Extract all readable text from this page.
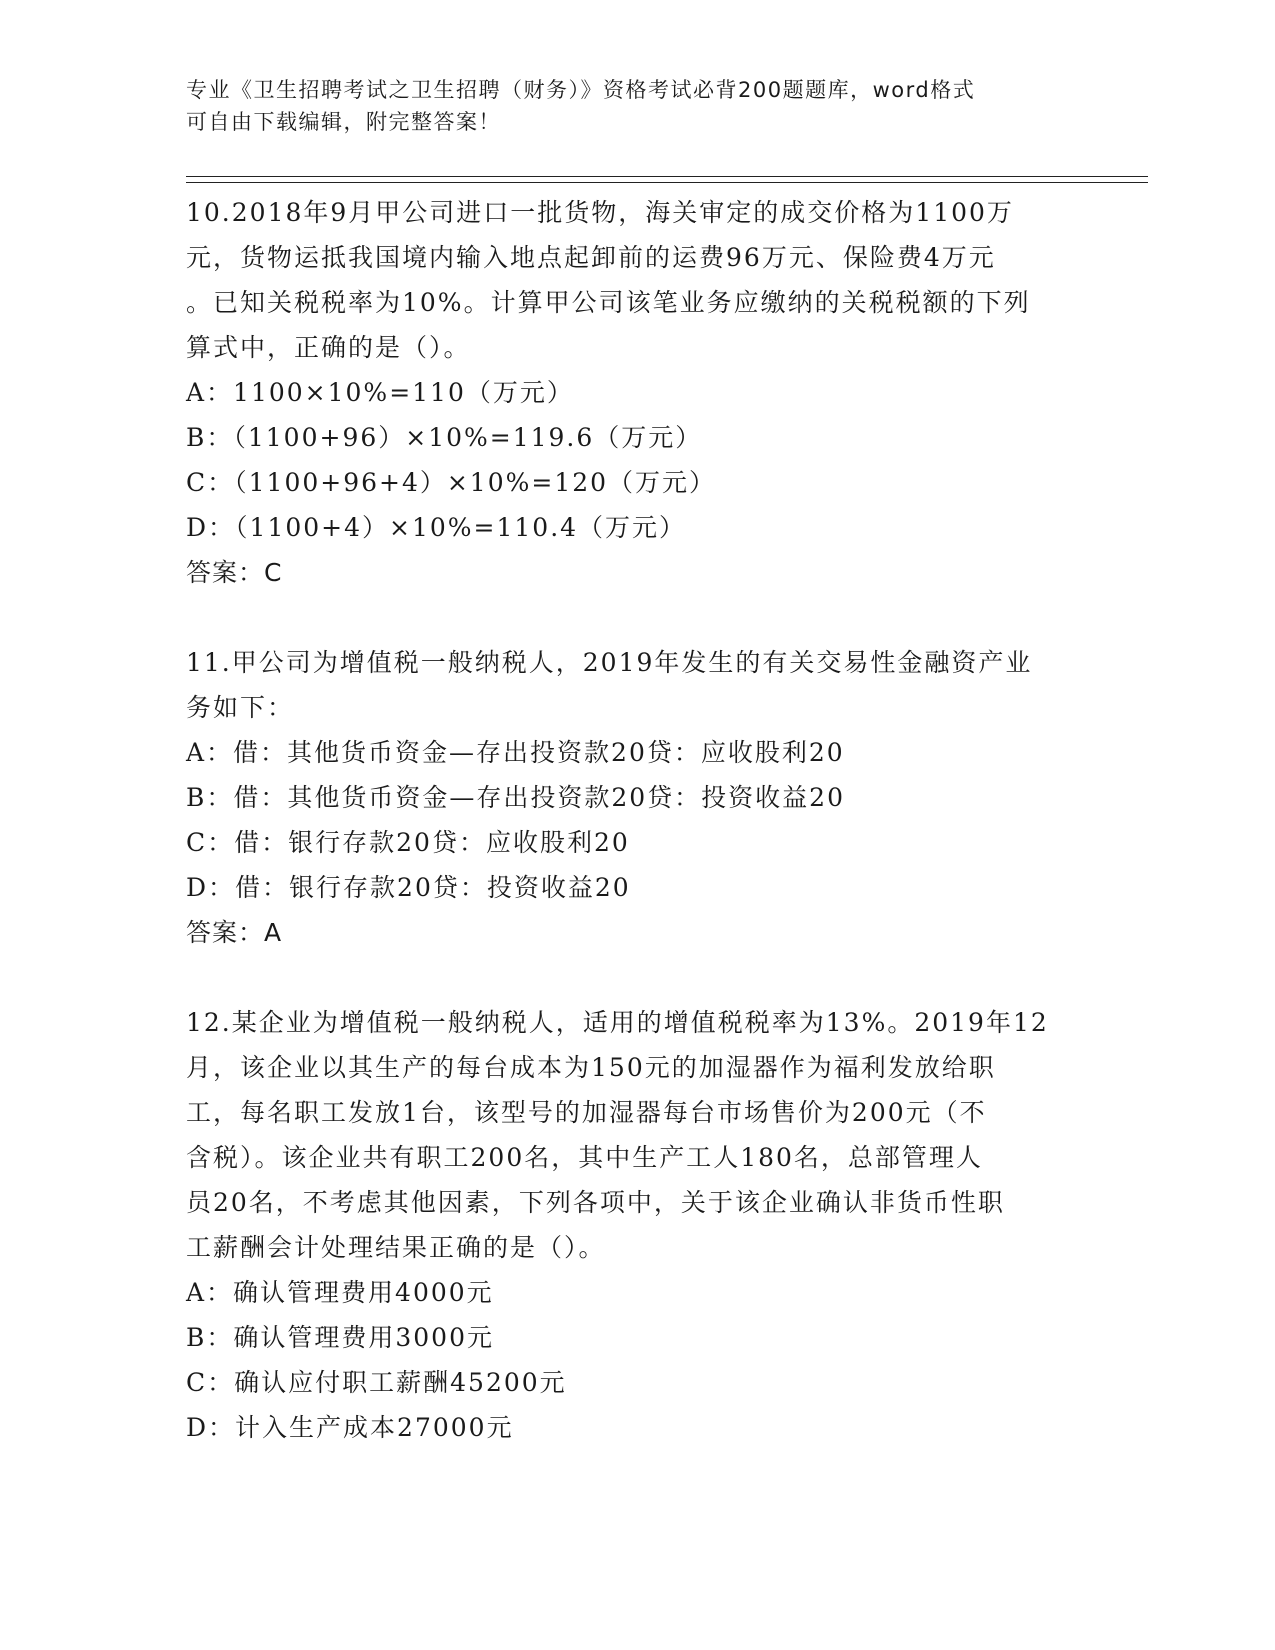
专业《卫生招聘考试之卫生招聘（财务）》资格考试必背200题题库，word格式
可自由下载编辑，附完整答案！
10.2018年9月甲公司进口一批货物，海关审定的成交价格为1100万
元，货物运抵我国境内输入地点起卸前的运费96万元、保险费4万元
。已知关税税率为10%。计算甲公司该笔业务应缴纳的关税税额的下列
算式中，正确的是（）。
A：1100×10%=110（万元）
B：（1100+96）×10%=119.6（万元）
C：（1100+96+4）×10%=120（万元）
D：（1100+4）×10%=110.4（万元）
答案：C
11.甲公司为增值税一般纳税人，2019年发生的有关交易性金融资产业
务如下：
A：借：其他货币资金—存出投资款20贷：应收股利20
B：借：其他货币资金—存出投资款20贷：投资收益20
C：借：银行存款20贷：应收股利20
D：借：银行存款20贷：投资收益20
答案：A
12.某企业为增值税一般纳税人，适用的增值税税率为13%。2019年12
月，该企业以其生产的每台成本为150元的加湿器作为福利发放给职
工，每名职工发放1台，该型号的加湿器每台市场售价为200元（不
含税）。该企业共有职工200名，其中生产工人180名，总部管理人
员20名，不考虑其他因素，下列各项中，关于该企业确认非货币性职
工薪酬会计处理结果正确的是（）。
A：确认管理费用4000元
B：确认管理费用3000元
C：确认应付职工薪酬45200元
D：计入生产成本27000元
